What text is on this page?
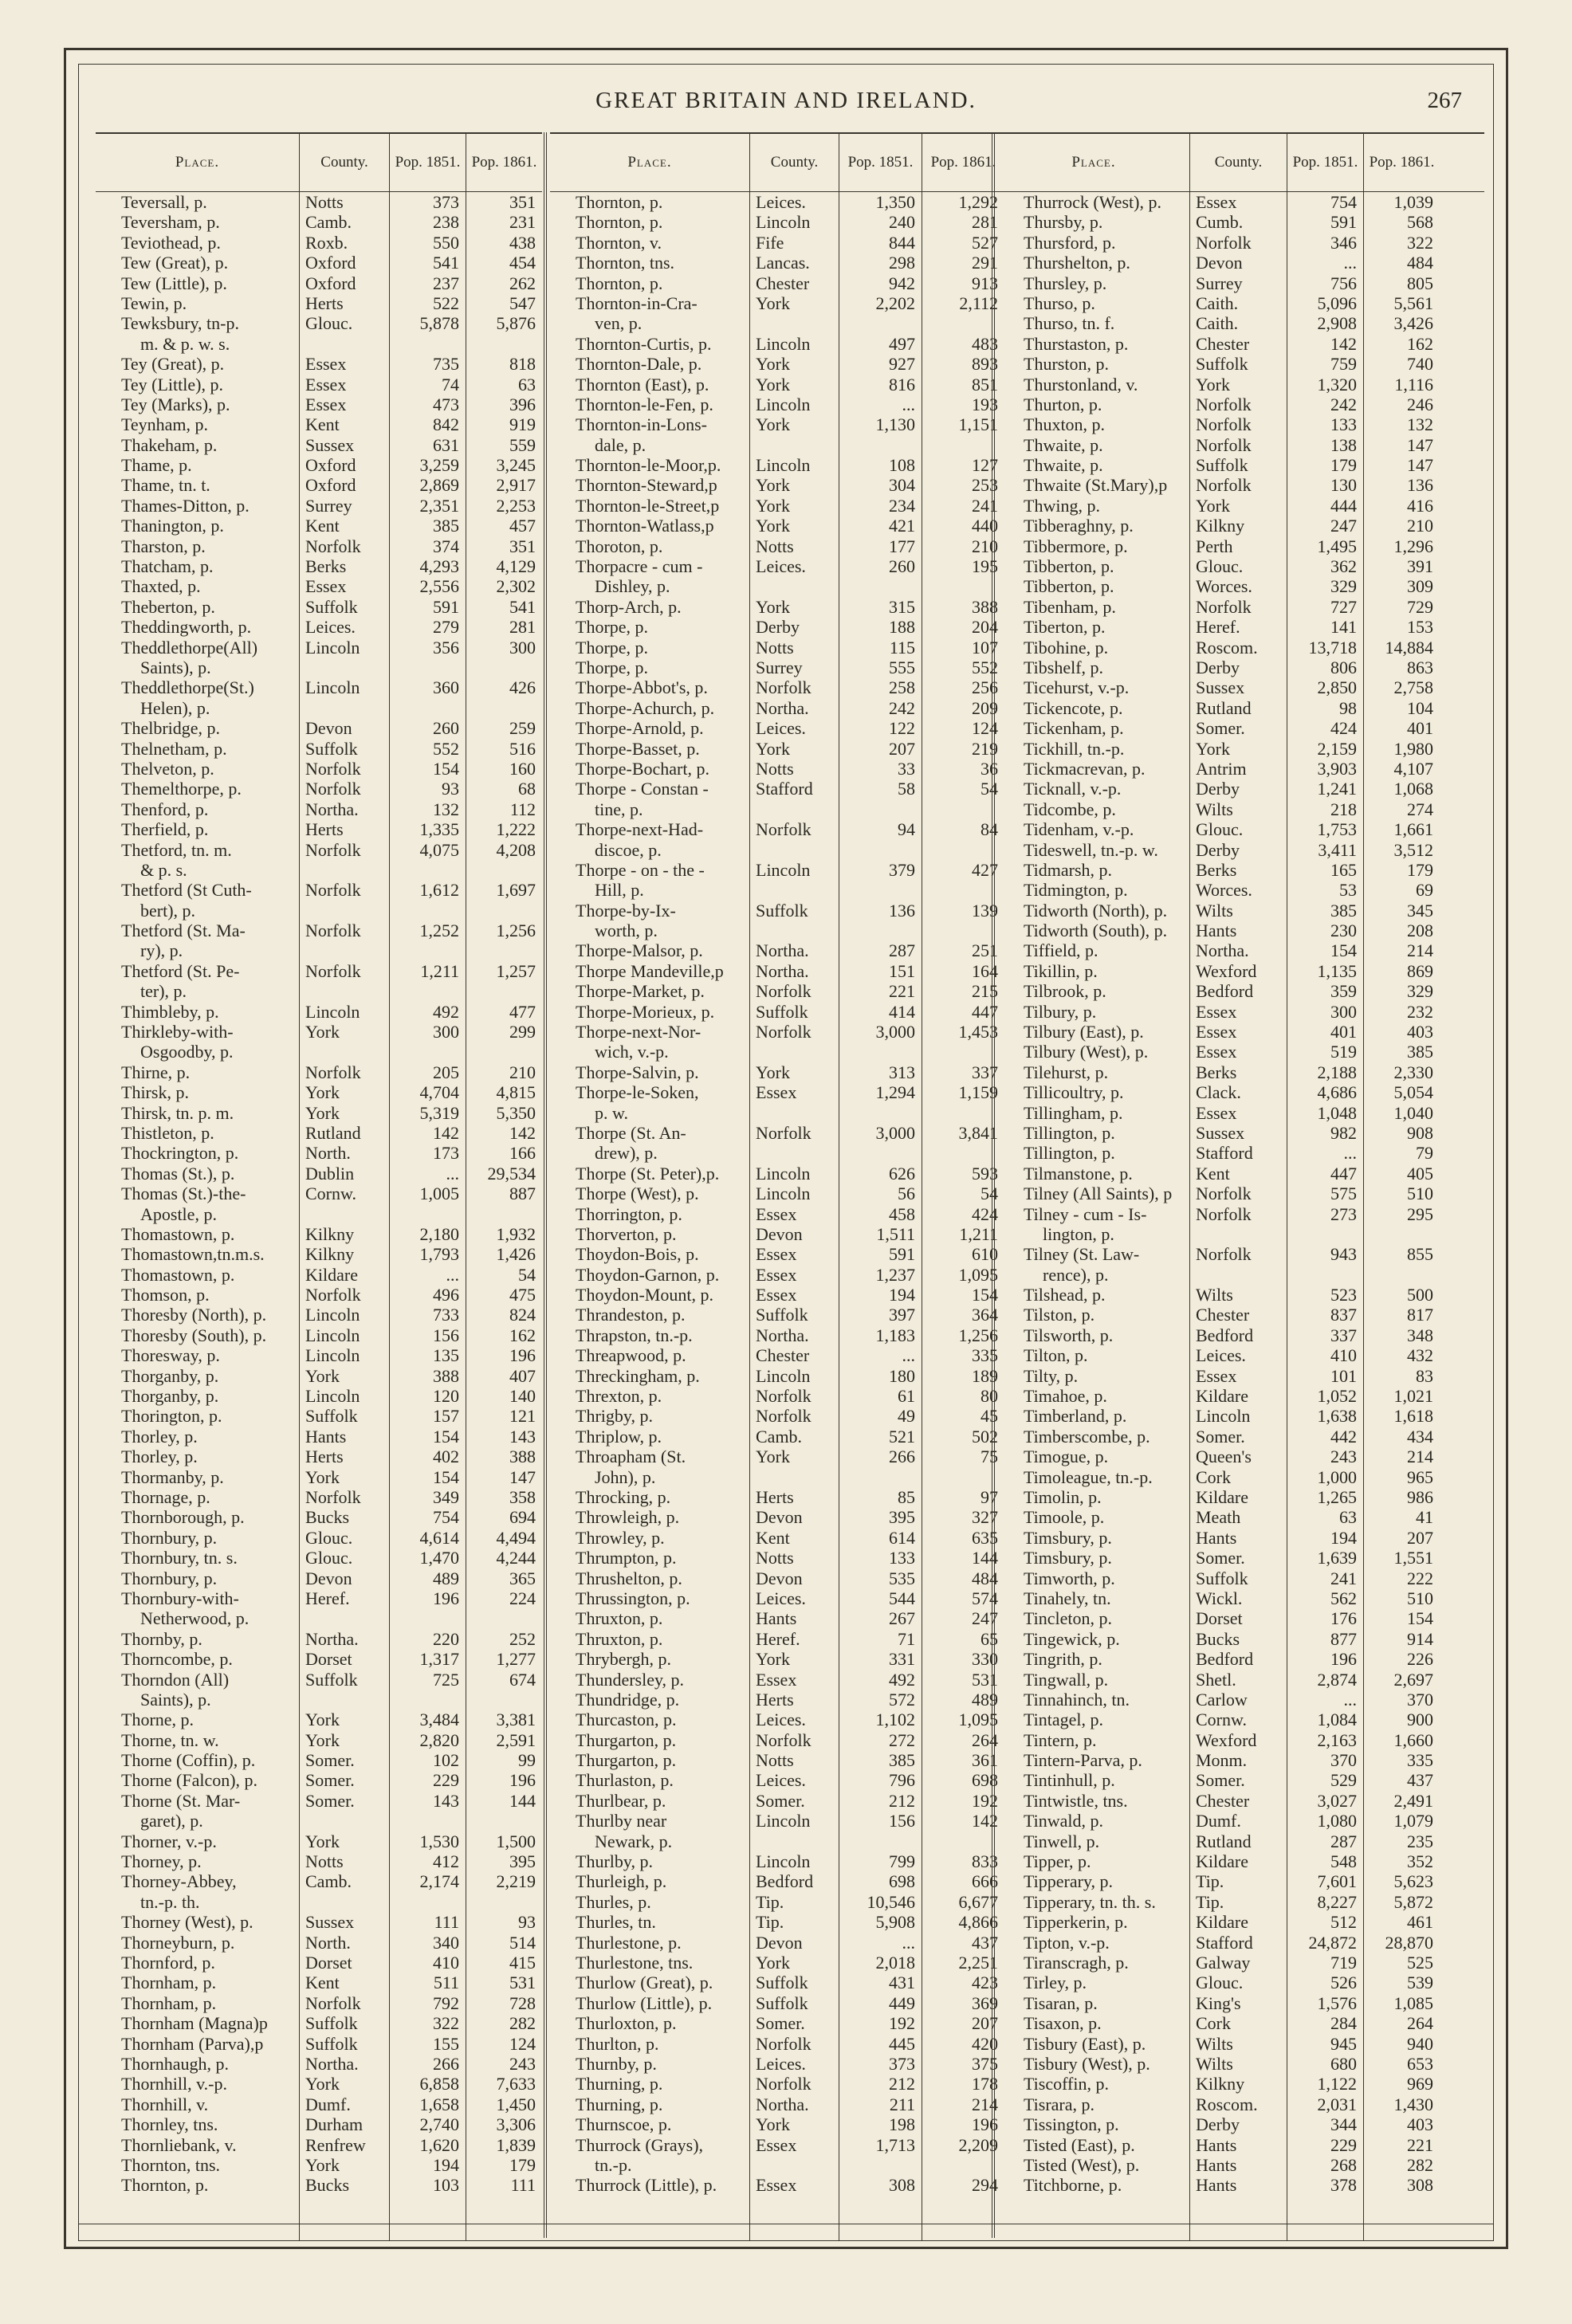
GREAT BRITAIN AND IRELAND.	267
Place.	County.	Pop. 1851. Pop. 1861.
Teversall, p.	Notts	373	351
Teversham, p.	Camb.	238	231
Teviothead, p.	Roxb.	550	438
Tew (Great), p.	Oxford	541	454
Tew (Little), p.	Oxford	237	262
Tewin, p.	Herts	522	547
Tewksbury, tn-p.	Glouc.	5,878	5,876
m. & p. w. s.
Tey (Great), p.	Essex	735	818
Tey (Little), p.	Essex	74	63
Tey (Marks), p.	Essex	473	396
Teynham, p.	Kent	842	919
Thakeham, p.	Sussex	631	559
Thame, p.	Oxford	3,259	3,245
Thame, tn. t.	Oxford	2,869	2,917
Thames-Ditton, p.	Surrey	2,351	2,253
Thanington, p.	Kent	385	457
Tharston, p.	Norfolk	374	351
Thatcham, p.	Berks	4,293	4,129
Thaxted, p.	Essex	2,556	2,302
Theberton, p.	Suffolk	591	541
Theddingworth, p.	Leices.	279	281
Theddlethorpe(All)	Lincoln	356	300
Saints), p.
Theddlethorpe(St.)	Lincoln	360	426
Helen), p.
Thelbridge, p.	Devon	260	259
Thelnetham, p.	Suffolk	552	516
Thelveton, p.	Norfolk	154	160
Themelthorpe, p.	Norfolk	93	68
Thenford, p.	Northa.	132	112
Therfield, p.	Herts	1,335	1,222
Thetford, tn. m.	Norfolk	4,075	4,208
& p. s.
Thetford (St Cuth-	Norfolk	1,612	1,697
bert), p.
Thetford (St. Ma-	Norfolk	1,252	1,256
ry), p.
Thetford (St. Pe-	Norfolk	1,211	1,257
ter), p.
Thimbleby, p.	Lincoln	492	477
Thirkleby-with-	York	300	299
Osgoodby, p.
Thirne, p.	Norfolk	205	210
Thirsk, p.	York	4,704	4,815
Thirsk, tn. p. m.	York	5,319	5,350
Thistleton, p.	Rutland	142	142
Thockrington, p.	North.	173	166
Thomas (St.), p.	Dublin	...	29,534
Thomas (St.)-the-	Cornw.	1,005	887
Apostle, p.
Thomastown, p.	Kilkny	2,180	1,932
Thomastown,tn.m.s.	Kilkny	1,793	1,426
Thomastown, p.	Kildare	...	54
Thomson, p.	Norfolk	496	475
Thoresby (North), p.	Lincoln	733	824
Thoresby (South), p.	Lincoln	156	162
Thoresway, p.	Lincoln	135	196
Thorganby, p.	York	388	407
Thorganby, p.	Lincoln	120	140
Thorington, p.	Suffolk	157	121
Thorley, p.	Hants	154	143
Thorley, p.	Herts	402	388
Thormanby, p.	York	154	147
Thornage, p.	Norfolk	349	358
Thornborough, p.	Bucks	754	694
Thornbury, p.	Glouc.	4,614	4,494
Thornbury, tn. s.	Glouc.	1,470	4,244
Thornbury, p.	Devon	489	365
Thornbury-with-	Heref.	196	224
Netherwood, p.
Thornby, p.	Northa.	220	252
Thorncombe, p.	Dorset	1,317	1,277
Thorndon (All)	Suffolk	725	674
Saints), p.
Thorne, p.	York	3,484	3,381
Thorne, tn. w.	York	2,820	2,591
Thorne (Coffin), p.	Somer.	102	99
Thorne (Falcon), p.	Somer.	229	196
Thorne (St. Mar-	Somer.	143	144
garet), p.
Thorner, v.-p.	York	1,530	1,500
Thorney, p.	Notts	412	395
Thorney-Abbey,	Camb.	2,174	2,219
tn.-p. th.
Thorney (West), p.	Sussex	111	93
Thorneyburn, p.	North.	340	514
Thornford, p.	Dorset	410	415
Thornham, p.	Kent	511	531
Thornham, p.	Norfolk	792	728
Thornham (Magna)p	Suffolk	322	282
Thornham (Parva),p	Suffolk	155	124
Thornhaugh, p.	Northa.	266	243
Thornhill, v.-p.	York	6,858	7,633
Thornhill, v.	Dumf.	1,658	1,450
Thornley, tns.	Durham	2,740	3,306
Thornliebank, v.	Renfrew	1,620	1,839
Thornton, tns.	York	194	179
Thornton, p.	Bucks	103	111
Place.	County.	Pop. 1851.	Pop. 1861.
Thornton, p.	Leices.	1,350	1,292
Thornton, p.	Lincoln	240	281
Thornton, v.	Fife	844	527
Thornton, tns.	Lancas.	298	291
Thornton, p.	Chester	942	913
Thornton-in-Cra-	York	2,202	2,112
ven, p.
Thornton-Curtis, p.	Lincoln	497	483
Thornton-Dale, p.	York	927	893
Thornton (East), p.	York	816	851
Thornton-le-Fen, p.	Lincoln	...	193
Thornton-in-Lons-	York	1,130	1,151
dale, p.
Thornton-le-Moor,p.	Lincoln	108	127
Thornton-Steward,p	York	304	253
Thornton-le-Street,p	York	234	241
Thornton-Watlass,p	York	421	440
Thoroton, p.	Notts	177	210
Thorpacre - cum -	Leices.	260	195
Dishley, p.
Thorp-Arch, p.	York	315	388
Thorpe, p.	Derby	188	204
Thorpe, p.	Notts	115	107
Thorpe, p.	Surrey	555	552
Thorpe-Abbot's, p.	Norfolk	258	256
Thorpe-Achurch, p.	Northa.	242	209
Thorpe-Arnold, p.	Leices.	122	124
Thorpe-Basset, p.	York	207	219
Thorpe-Bochart, p.	Notts	33	36
Thorpe - Constan -	Stafford	58	54
tine, p.
Thorpe-next-Had-	Norfolk	94	84
discoe, p.
Thorpe - on - the -	Lincoln	379	427
Hill, p.
Thorpe-by-Ix-	Suffolk	136	139
worth, p.
Thorpe-Malsor, p.	Northa.	287	251
Thorpe Mandeville,p	Northa.	151	164
Thorpe-Market, p.	Norfolk	221	215
Thorpe-Morieux, p.	Suffolk	414	447
Thorpe-next-Nor-	Norfolk	3,000	1,453
wich, v.-p.
Thorpe-Salvin, p.	York	313	337
Thorpe-le-Soken,	Essex	1,294	1,159
p. w.
Thorpe (St. An-	Norfolk	3,000	3,841
drew), p.
Thorpe (St. Peter),p.	Lincoln	626	593
Thorpe (West), p.	Lincoln	56	54
Thorrington, p.	Essex	458	424
Thorverton, p.	Devon	1,511	1,211
Thoydon-Bois, p.	Essex	591	610
Thoydon-Garnon, p.	Essex	1,237	1,095
Thoydon-Mount, p.	Essex	194	154
Thrandeston, p.	Suffolk	397	364
Thrapston, tn.-p.	Northa.	1,183	1,256
Threapwood, p.	Chester	...	335
Threckingham, p.	Lincoln	180	189
Threxton, p.	Norfolk	61	80
Thrigby, p.	Norfolk	49	45
Thriplow, p.	Camb.	521	502
Throapham (St.	York	266	75
John), p.
Throcking, p.	Herts	85	97
Throwleigh, p.	Devon	395	327
Throwley, p.	Kent	614	635
Thrumpton, p.	Notts	133	144
Thrushelton, p.	Devon	535	484
Thrussington, p.	Leices.	544	574
Thruxton, p.	Hants	267	247
Thruxton, p.	Heref.	71	65
Thrybergh, p.	York	331	330
Thundersley, p.	Essex	492	531
Thundridge, p.	Herts	572	489
Thurcaston, p.	Leices.	1,102	1,095
Thurgarton, p.	Norfolk	272	264
Thurgarton, p.	Notts	385	361
Thurlaston, p.	Leices.	796	698
Thurlbear, p.	Somer.	212	192
Thurlby near	Lincoln	156	142
Newark, p.
Thurlby, p.	Lincoln	799	833
Thurleigh, p.	Bedford	698	666
Thurles, p.	Tip.	10,546	6,677
Thurles, tn.	Tip.	5,908	4,866
Thurlestone, p.	Devon	...	437
Thurlestone, tns.	York	2,018	2,251
Thurlow (Great), p.	Suffolk	431	423
Thurlow (Little), p.	Suffolk	449	369
Thurloxton, p.	Somer.	192	207
Thurlton, p.	Norfolk	445	420
Thurnby, p.	Leices.	373	375
Thurning, p.	Norfolk	212	178
Thurning, p.	Northa.	211	214
Thurnscoe, p.	York	198	196
Thurrock (Grays),	Essex	1,713	2,209
tn.-p.
Thurrock (Little), p.	Essex	308	294
Place.	County.	Pop. 1851. Pop. 1861.
Thurrock (West), p.	Essex	754	1,039
Thursby, p.	Cumb.	591	568
Thursford, p.	Norfolk	346	322
Thurshelton, p.	Devon	...	484
Thursley, p.	Surrey	756	805
Thurso, p.	Caith.	5,096	5,561
Thurso, tn. f.	Caith.	2,908	3,426
Thurstaston, p.	Chester	142	162
Thurston, p.	Suffolk	759	740
Thurstonland, v.	York	1,320	1,116
Thurton, p.	Norfolk	242	246
Thuxton, p.	Norfolk	133	132
Thwaite, p.	Norfolk	138	147
Thwaite, p.	Suffolk	179	147
Thwaite (St.Mary),p	Norfolk	130	136
Thwing, p.	York	444	416
Tibberaghny, p.	Kilkny	247	210
Tibbermore, p.	Perth	1,495	1,296
Tibberton, p.	Glouc.	362	391
Tibberton, p.	Worces.	329	309
Tibenham, p.	Norfolk	727	729
Tiberton, p.	Heref.	141	153
Tibohine, p.	Roscom.	13,718	14,884
Tibshelf, p.	Derby	806	863
Ticehurst, v.-p.	Sussex	2,850	2,758
Tickencote, p.	Rutland	98	104
Tickenham, p.	Somer.	424	401
Tickhill, tn.-p.	York	2,159	1,980
Tickmacrevan, p.	Antrim	3,903	4,107
Ticknall, v.-p.	Derby	1,241	1,068
Tidcombe, p.	Wilts	218	274
Tidenham, v.-p.	Glouc.	1,753	1,661
Tideswell, tn.-p. w.	Derby	3,411	3,512
Tidmarsh, p.	Berks	165	179
Tidmington, p.	Worces.	53	69
Tidworth (North), p.	Wilts	385	345
Tidworth (South), p.	Hants	230	208
Tiffield, p.	Northa.	154	214
Tikillin, p.	Wexford	1,135	869
Tilbrook, p.	Bedford	359	329
Tilbury, p.	Essex	300	232
Tilbury (East), p.	Essex	401	403
Tilbury (West), p.	Essex	519	385
Tilehurst, p.	Berks	2,188	2,330
Tillicoultry, p.	Clack.	4,686	5,054
Tillingham, p.	Essex	1,048	1,040
Tillington, p.	Sussex	982	908
Tillington, p.	Stafford	...	79
Tilmanstone, p.	Kent	447	405
Tilney (All Saints), p	Norfolk	575	510
Tilney - cum - Is-	Norfolk	273	295
lington, p.
Tilney (St. Law-	Norfolk	943	855
rence), p.
Tilshead, p.	Wilts	523	500
Tilston, p.	Chester	837	817
Tilsworth, p.	Bedford	337	348
Tilton, p.	Leices.	410	432
Tilty, p.	Essex	101	83
Timahoe, p.	Kildare	1,052	1,021
Timberland, p.	Lincoln	1,638	1,618
Timberscombe, p.	Somer.	442	434
Timogue, p.	Queen's	243	214
Timoleague, tn.-p.	Cork	1,000	965
Timolin, p.	Kildare	1,265	986
Timoole, p.	Meath	63	41
Timsbury, p.	Hants	194	207
Timsbury, p.	Somer.	1,639	1,551
Timworth, p.	Suffolk	241	222
Tinahely, tn.	Wickl.	562	510
Tincleton, p.	Dorset	176	154
Tingewick, p.	Bucks	877	914
Tingrith, p.	Bedford	196	226
Tingwall, p.	Shetl.	2,874	2,697
Tinnahinch, tn.	Carlow	...	370
Tintagel, p.	Cornw.	1,084	900
Tintern, p.	Wexford	2,163	1,660
Tintern-Parva, p.	Monm.	370	335
Tintinhull, p.	Somer.	529	437
Tintwistle, tns.	Chester	3,027	2,491
Tinwald, p.	Dumf.	1,080	1,079
Tinwell, p.	Rutland	287	235
Tipper, p.	Kildare	548	352
Tipperary, p.	Tip.	7,601	5,623
Tipperary, tn. th. s.	Tip.	8,227	5,872
Tipperkerin, p.	Kildare	512	461
Tipton, v.-p.	Stafford	24,872	28,870
Tiranscragh, p.	Galway	719	525
Tirley, p.	Glouc.	526	539
Tisaran, p.	King's	1,576	1,085
Tisaxon, p.	Cork	284	264
Tisbury (East), p.	Wilts	945	940
Tisbury (West), p.	Wilts	680	653
Tiscoffin, p.	Kilkny	1,122	969
Tisrara, p.	Roscom.	2,031	1,430
Tissington, p.	Derby	344	403
Tisted (East), p.	Hants	229	221
Tisted (West), p.	Hants	268	282
Titchborne, p.	Hants	378	308
